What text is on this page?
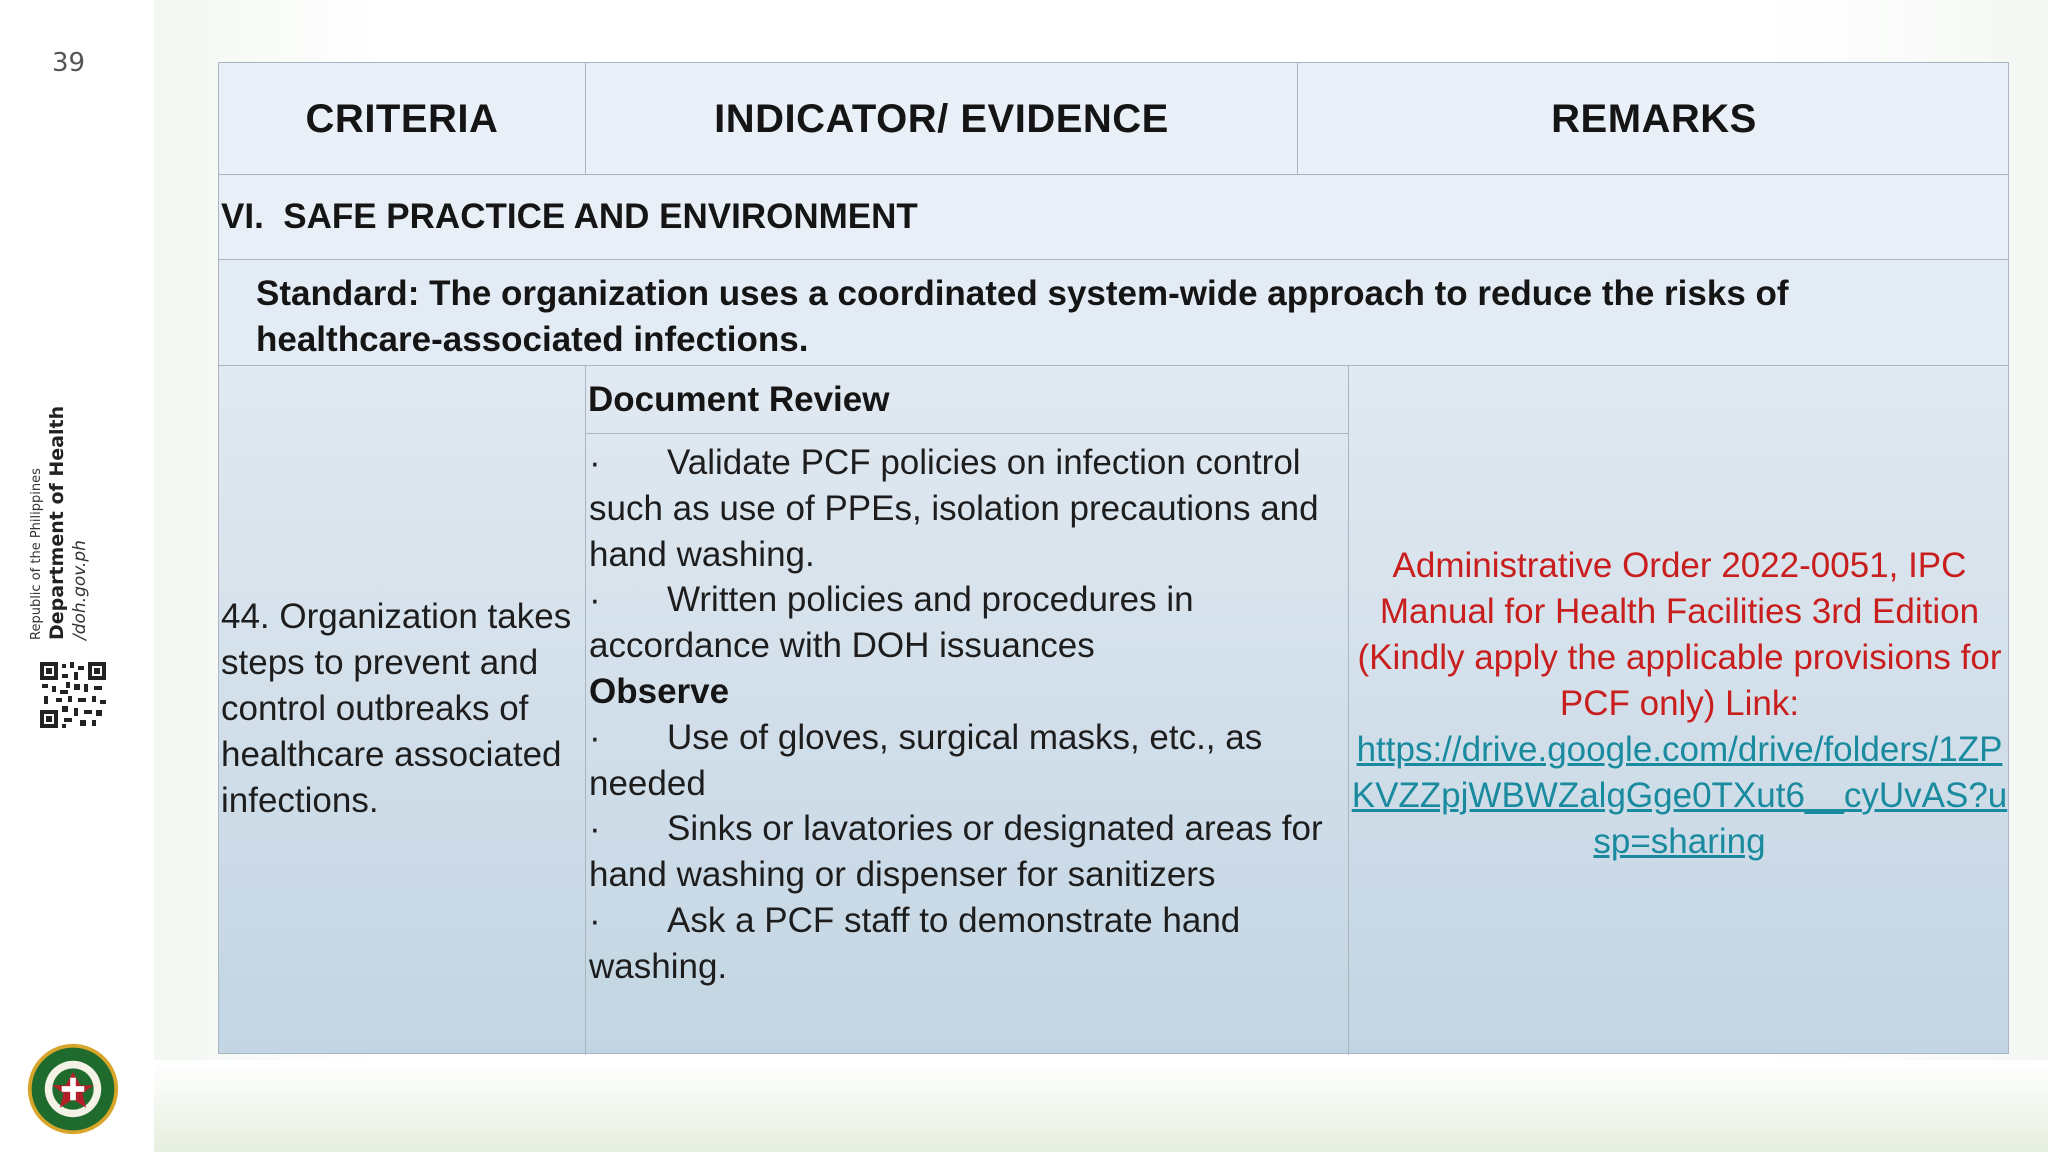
39
Republic of the Philippines Department of Health /doh.gov.ph
CRITERIA	INDICATOR/ EVIDENCE	REMARKS
VI.  SAFE PRACTICE AND ENVIRONMENT
Standard: The organization uses a coordinated system-wide approach to reduce the risks of healthcare-associated infections.
44. Organization takes steps to prevent and control outbreaks of healthcare associated infections.
Document Review
· Validate PCF policies on infection control such as use of PPEs, isolation precautions and hand washing.
· Written policies and procedures in accordance with DOH issuances
Observe
· Use of gloves, surgical masks, etc., as needed
· Sinks or lavatories or designated areas for hand washing or dispenser for sanitizers
· Ask a PCF staff to demonstrate hand washing.
Administrative Order 2022-0051, IPC Manual for Health Facilities 3rd Edition (Kindly apply the applicable provisions for PCF only) Link:
https://drive.google.com/drive/folders/1ZPKVZZpjWBWZalgGge0TXut6__cyUvAS?usp=sharing
